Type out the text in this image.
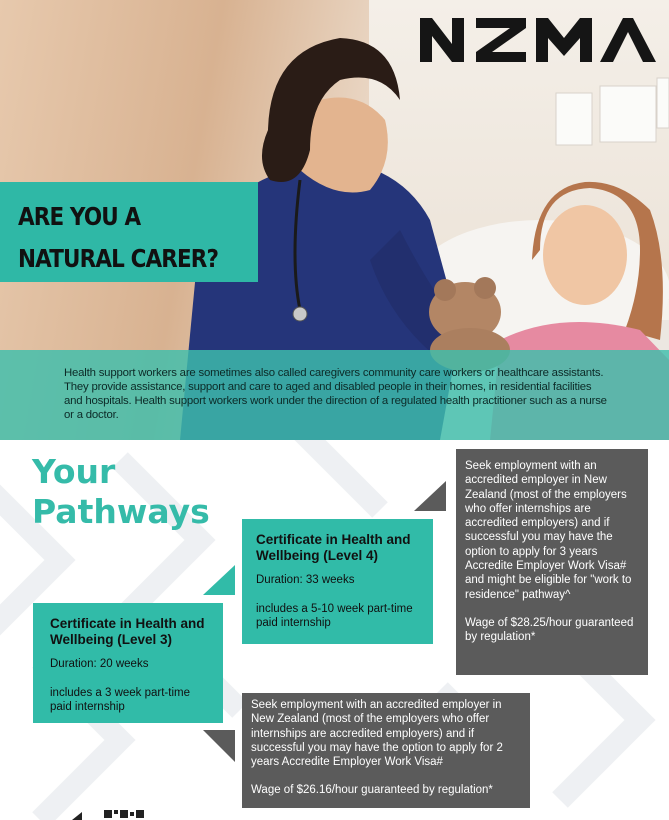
ARE YOU A
NATURAL CARER?

Health support workers are sometimes also called caregivers community care workers or healthcare assistants. They provide assistance, support and care to aged and disabled people in their homes, in residential facilities and hospitals. Health support workers work under the direction of a regulated health practitioner such as a nurse or a doctor.

Your
Pathways
Certificate in Health and Wellbeing (Level 4)
Duration: 33 weeks
includes a 5-10 week part-time paid internship
Certificate in Health and Wellbeing (Level 3)
Duration: 20 weeks
includes a 3 week part-time paid internship
Seek employment with an accredited employer in New Zealand (most of the employers who offer internships are accredited employers) and if successful you may have the option to apply for 3 years Accredite Employer Work Visa# and might be eligible for "work to residence" pathway^
Wage of $28.25/hour guaranteed by regulation*
Seek employment with an accredited employer in New Zealand (most of the employers who offer internships are accredited employers) and if successful you may have the option to apply for 2 years Accredite Employer Work Visa#
Wage of $26.16/hour guaranteed by regulation*
